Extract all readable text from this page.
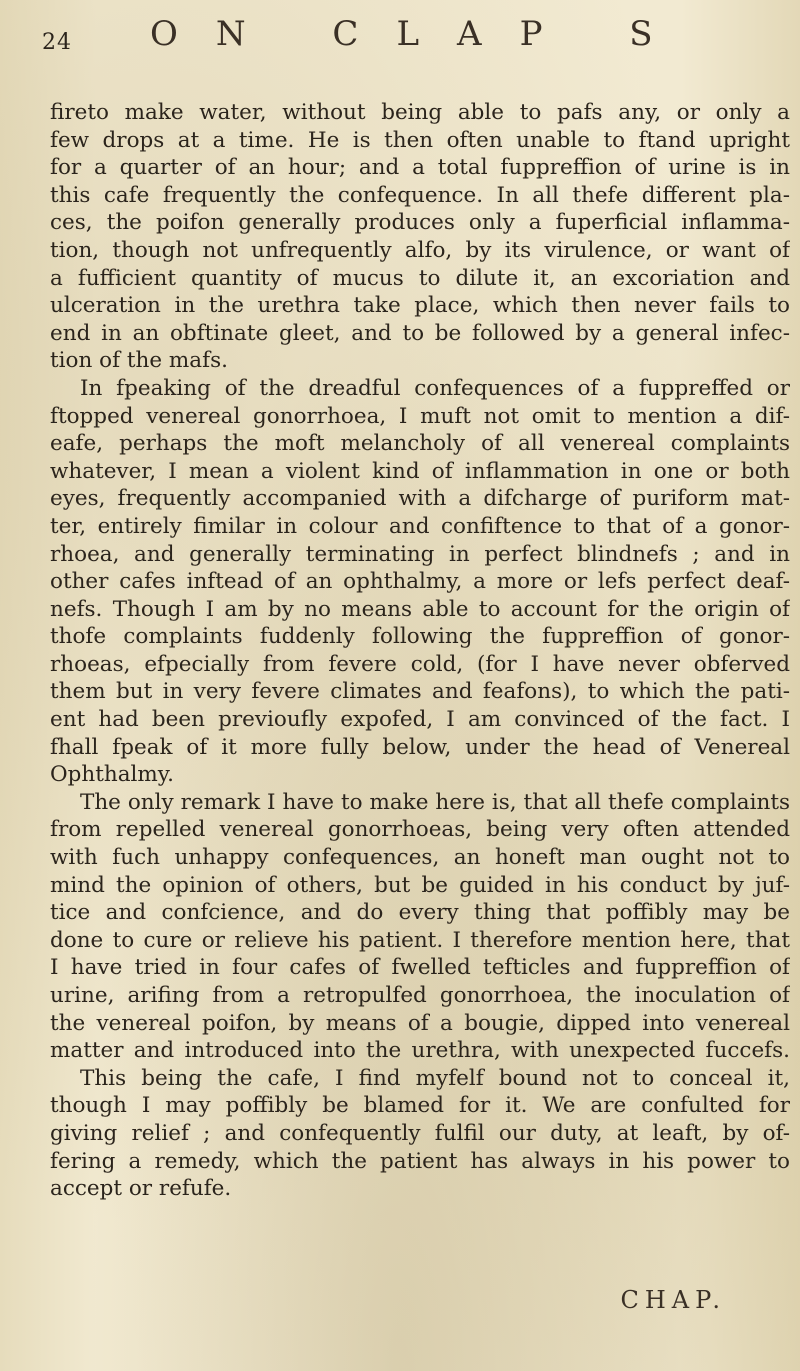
24 ON CLAP S
fireto make water, without being able to pafs any, or only a
few drops at a time. He is then often unable to ftand upright
for a quarter of an hour; and a total fuppreffion of urine is in
this cafe frequently the confequence. In all thefe different pla-
ces, the poifon generally produces only a fuperficial inflamma-
tion, though not unfrequently alfo, by its virulence, or want of
a fufficient quantity of mucus to dilute it, an excoriation and
ulceration in the urethra take place, which then never fails to
end in an obftinate gleet, and to be followed by a general infec-
tion of the mafs.
In fpeaking of the dreadful confequences of a fuppreffed or
ftopped venereal gonorrhoea, I muft not omit to mention a dif-
eafe, perhaps the moft melancholy of all venereal complaints
whatever, I mean a violent kind of inflammation in one or both
eyes, frequently accompanied with a difcharge of puriform mat-
ter, entirely fimilar in colour and confiftence to that of a gonor-
rhoea, and generally terminating in perfect blindnefs ; and in
other cafes inftead of an ophthalmy, a more or lefs perfect deaf-
nefs. Though I am by no means able to account for the origin of
thofe complaints fuddenly following the fuppreffion of gonor-
rhoeas, efpecially from fevere cold, (for I have never obferved
them but in very fevere climates and feafons), to which the pati-
ent had been previoufly expofed, I am convinced of the fact. I
fhall fpeak of it more fully below, under the head of Venereal
Ophthalmy.
The only remark I have to make here is, that all thefe complaints
from repelled venereal gonorrhoeas, being very often attended
with fuch unhappy confequences, an honeft man ought not to
mind the opinion of others, but be guided in his conduct by juf-
tice and confcience, and do every thing that poffibly may be
done to cure or relieve his patient. I therefore mention here, that
I have tried in four cafes of fwelled tefticles and fuppreffion of
urine, arifing from a retropulfed gonorrhoea, the inoculation of
the venereal poifon, by means of a bougie, dipped into venereal
matter and introduced into the urethra, with unexpected fuccefs.
This being the cafe, I find myfelf bound not to conceal it,
though I may poffibly be blamed for it. We are confulted for
giving relief ; and confequently fulfil our duty, at leaft, by of-
fering a remedy, which the patient has always in his power to
accept or refufe.
CHAP.
